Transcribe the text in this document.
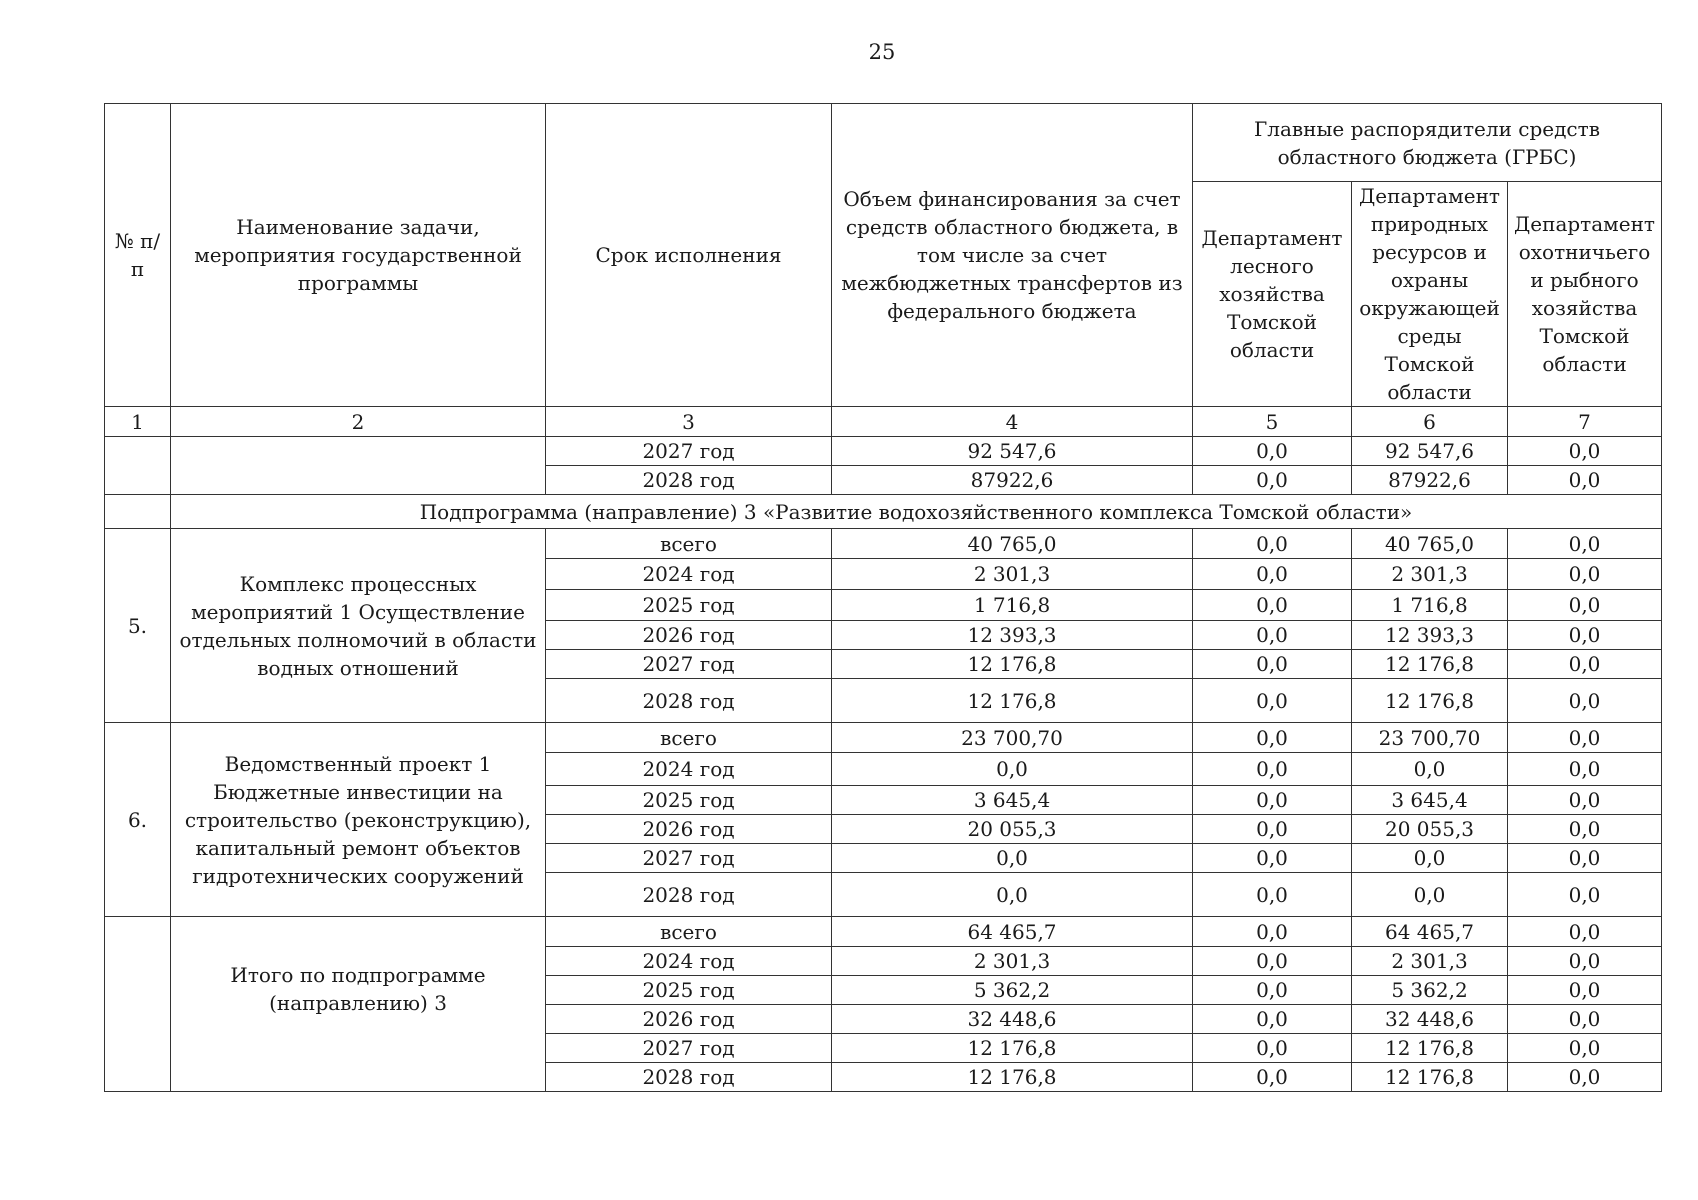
25
№ п/п	Наименование задачи, мероприятия государственной программы	Срок исполнения	Объем финансирования за счет средств областного бюджета, в том числе за счет межбюджетных трансфертов из федерального бюджета	Главные распорядители средств областного бюджета (ГРБС)		
				Департамент лесного хозяйства Томской области	Департамент природных ресурсов и охраны окружающей среды Томской области	Департамент охотничьего и рыбного хозяйства Томской области
1	2	3	4	5	6	7
		2027 год	92 547,6	0,0	92 547,6	0,0
		2028 год	87922,6	0,0	87922,6	0,0
	Подпрограмма (направление) 3 «Развитие водохозяйственного комплекса Томской области»					
5.	Комплекс процессных мероприятий 1 Осуществление отдельных полномочий в области водных отношений	всего	40 765,0	0,0	40 765,0	0,0
		2024 год	2 301,3	0,0	2 301,3	0,0
		2025 год	1 716,8	0,0	1 716,8	0,0
		2026 год	12 393,3	0,0	12 393,3	0,0
		2027 год	12 176,8	0,0	12 176,8	0,0
		2028 год	12 176,8	0,0	12 176,8	0,0
6.	Ведомственный проект 1 Бюджетные инвестиции на строительство (реконструкцию), капитальный ремонт объектов гидротехнических сооружений	всего	23 700,70	0,0	23 700,70	0,0
		2024 год	0,0	0,0	0,0	0,0
		2025 год	3 645,4	0,0	3 645,4	0,0
		2026 год	20 055,3	0,0	20 055,3	0,0
		2027 год	0,0	0,0	0,0	0,0
		2028 год	0,0	0,0	0,0	0,0
	Итого по подпрограмме (направлению) 3	всего	64 465,7	0,0	64 465,7	0,0
		2024 год	2 301,3	0,0	2 301,3	0,0
		2025 год	5 362,2	0,0	5 362,2	0,0
		2026 год	32 448,6	0,0	32 448,6	0,0
		2027 год	12 176,8	0,0	12 176,8	0,0
		2028 год	12 176,8	0,0	12 176,8	0,0
